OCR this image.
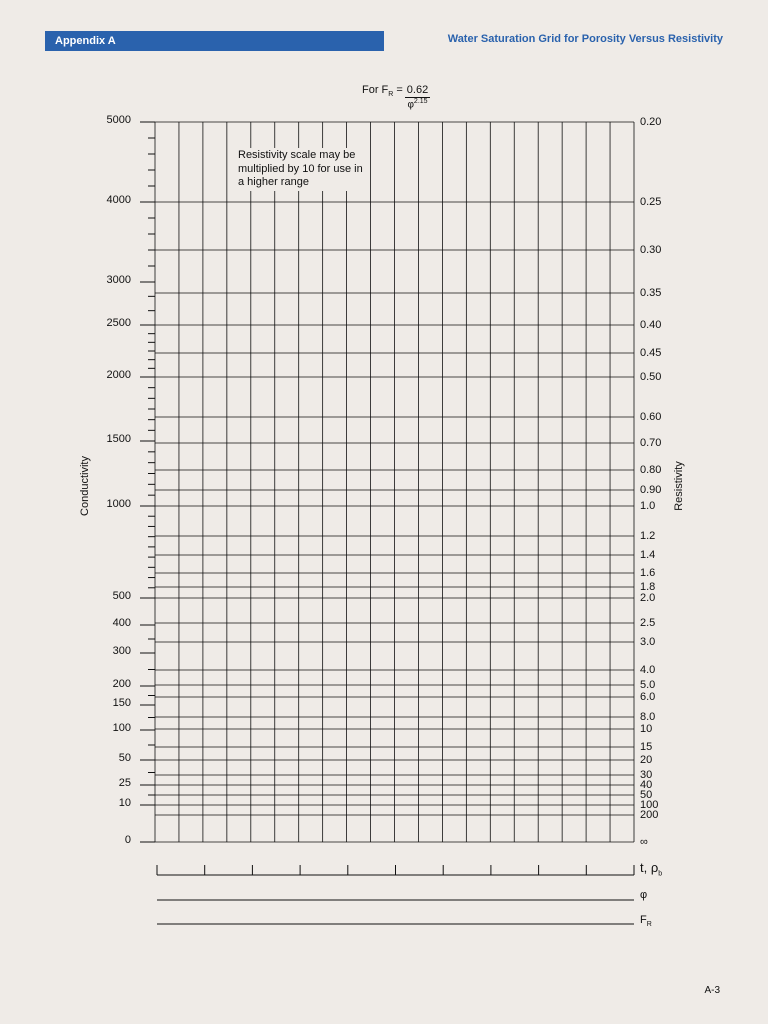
Appendix A	Water Saturation Grid for Porosity Versus Resistivity
For $F_R = \frac{0.62}{\varphi^{2.15}}$
0.20
0.25
0.30
0.35
0.40
0.45
0.50
0.60
0.70
0.80
0.90
1.0
1.2
1.4
1.6
1.8
2.0
2.5
3.0
4.0
5.0
6.0
8.0
10
15
20
30
40
50
100
200
∞
5000
4000
3000
2500
2000
1500
1000
500
400
300
200
150
100
50
25
10
0
Resistivity scale may be multiplied by 10 for use in a higher range
Conductivity	Resistivity
t, $\rho_b$
φ
$F_R$
A-3
